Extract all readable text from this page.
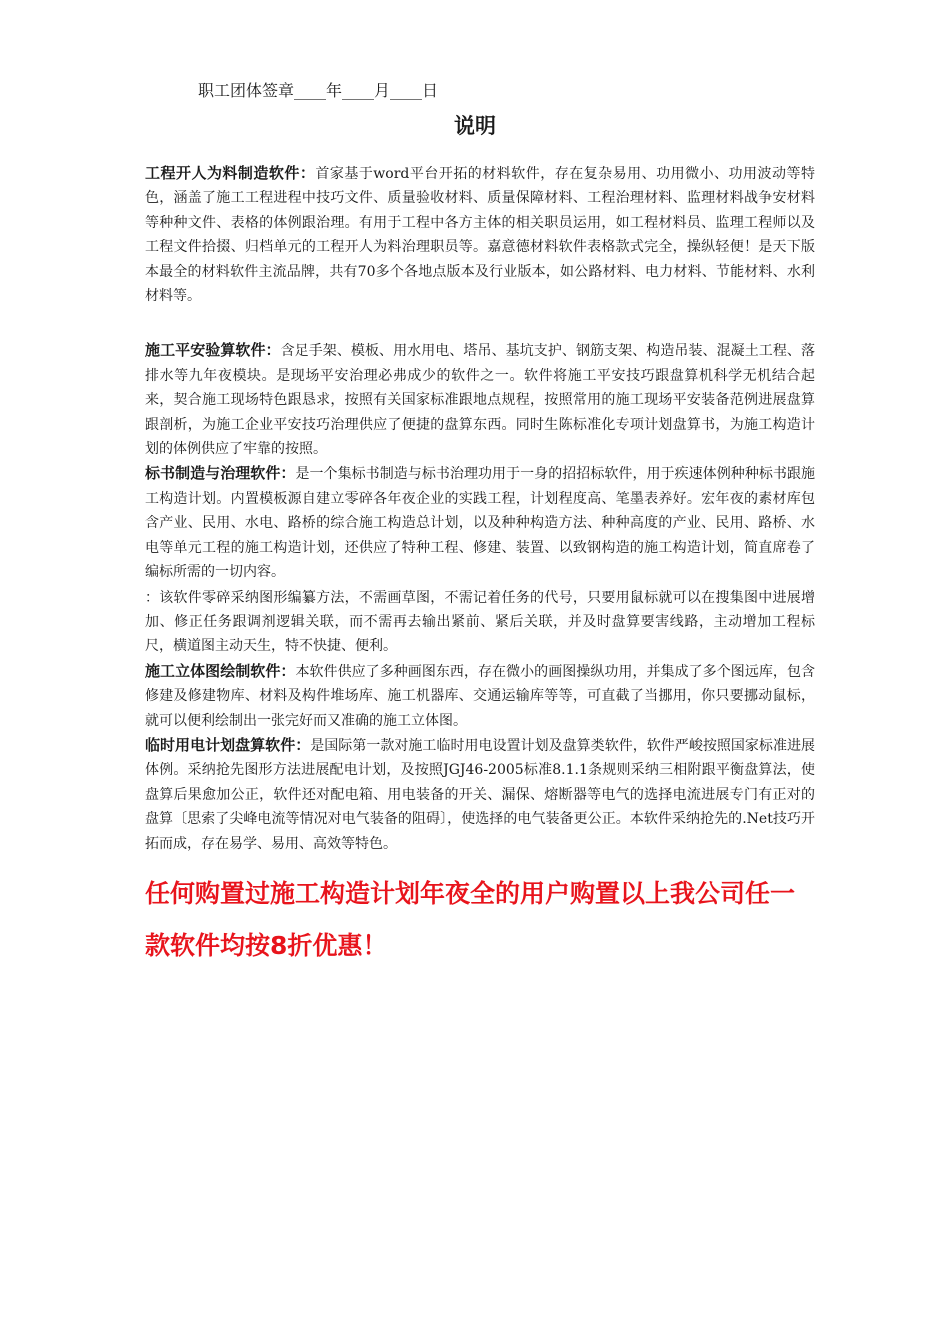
职工团体签章____年____月____日
说明

工程开人为料制造软件：首家基于word平台开拓的材料软件，存在复杂易用、功用微小、功用波动等特色，涵盖了施工工程进程中技巧文件、质量验收材料、质量保障材料、工程治理材料、监理材料战争安材料等种种文件、表格的体例跟治理。有用于工程中各方主体的相关职员运用，如工程材料员、监理工程师以及工程文件拾掇、归档单元的工程开人为料治理职员等。嘉意德材料软件表格款式完全，操纵轻便！是天下版本最全的材料软件主流品牌，共有70多个各地点版本及行业版本，如公路材料、电力材料、节能材料、水利材料等。

施工平安验算软件：含足手架、模板、用水用电、塔吊、基坑支护、钢筋支架、构造吊装、混凝土工程、落排水等九年夜模块。是现场平安治理必弗成少的软件之一。软件将施工平安技巧跟盘算机科学无机结合起来，契合施工现场特色跟恳求，按照有关国家标准跟地点规程，按照常用的施工现场平安装备范例进展盘算跟剖析，为施工企业平安技巧治理供应了便捷的盘算东西。同时生陈标准化专项计划盘算书，为施工构造计划的体例供应了牢靠的按照。

标书制造与治理软件：是一个集标书制造与标书治理功用于一身的招招标软件，用于疾速体例种种标书跟施工构造计划。内置模板源自建立零碎各年夜企业的实践工程，计划程度高、笔墨表养好。宏年夜的素材库包含产业、民用、水电、路桥的综合施工构造总计划，以及种种构造方法、种种高度的产业、民用、路桥、水电等单元工程的施工构造计划，还供应了特种工程、修建、装置、以致钢构造的施工构造计划，简直席卷了编标所需的一切内容。

：该软件零碎采纳图形编纂方法，不需画草图，不需记着任务的代号，只要用鼠标就可以在搜集图中进展增加、修正任务跟调剂逻辑关联，而不需再去输出紧前、紧后关联，并及时盘算要害线路，主动增加工程标尺，横道图主动天生，特不快捷、便利。

施工立体图绘制软件：本软件供应了多种画图东西，存在微小的画图操纵功用，并集成了多个图远库，包含修建及修建物库、材料及构件堆场库、施工机器库、交通运输库等等，可直截了当挪用，你只要挪动鼠标，就可以便利绘制出一张完好而又准确的施工立体图。

临时用电计划盘算软件：是国际第一款对施工临时用电设置计划及盘算类软件，软件严峻按照国家标准进展体例。采纳抢先图形方法进展配电计划，及按照JGJ46-2005标准8.1.1条规则采纳三相附跟平衡盘算法，使盘算后果愈加公正，软件还对配电箱、用电装备的开关、漏保、熔断器等电气的选择电流进展专门有正对的盘算〔思索了尖峰电流等情况对电气装备的阻碍〕，使选择的电气装备更公正。本软件采纳抢先的.Net技巧开拓而成，存在易学、易用、高效等特色。

任何购置过施工构造计划年夜全的用户购置以上我公司任一款软件均按8折优惠！
